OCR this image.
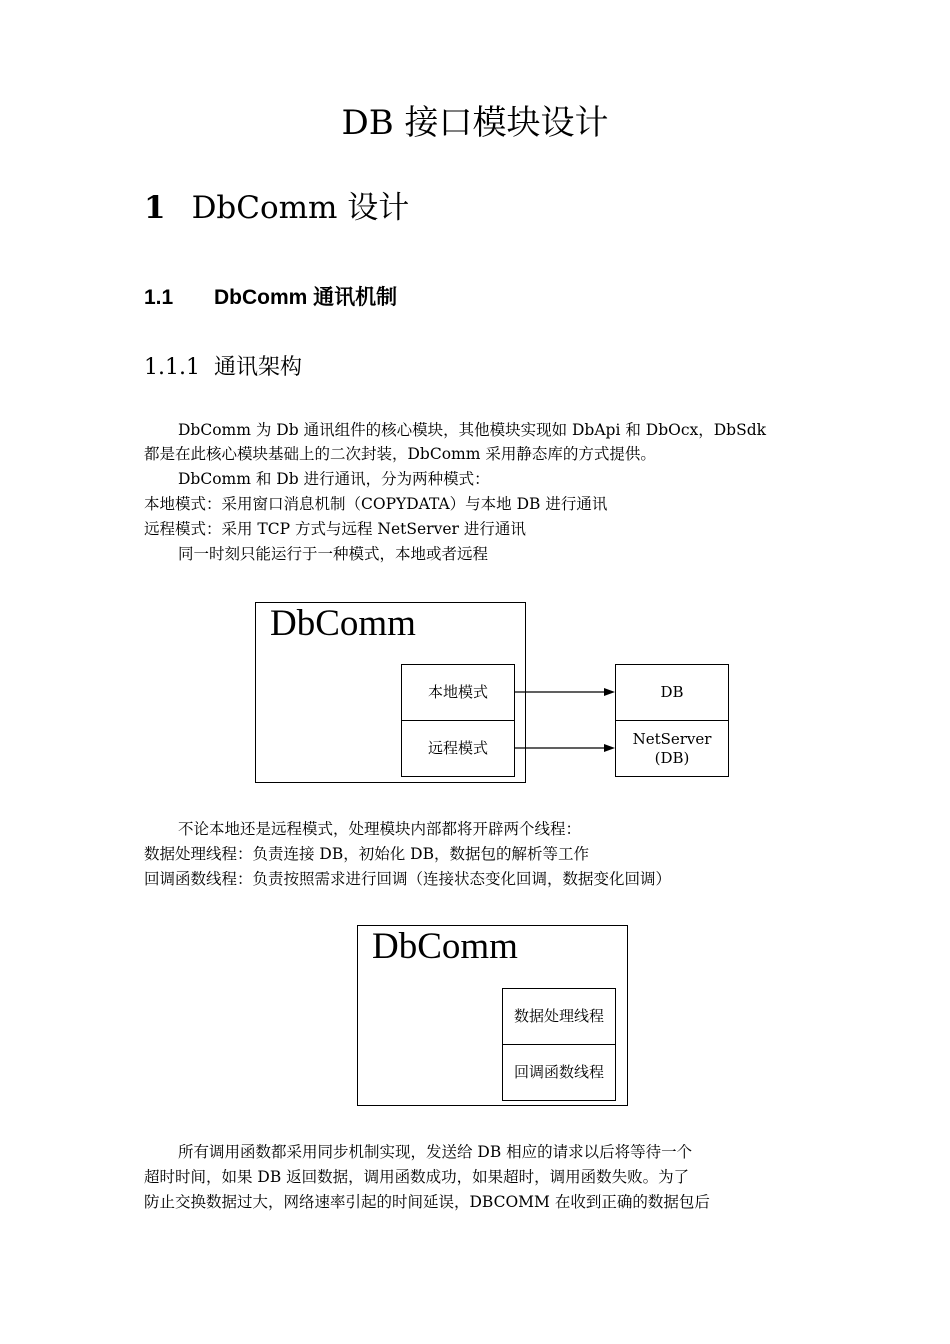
DB 接口模块设计
1 DbComm 设计
1.1 DbComm 通讯机制
1.1.1 通讯架构
DbComm 为 Db 通讯组件的核心模块，其他模块实现如 DbApi 和 DbOcx，DbSdk
都是在此核心模块基础上的二次封装，DbComm 采用静态库的方式提供。
DbComm 和 Db 进行通讯，分为两种模式：
本地模式：采用窗口消息机制（COPYDATA）与本地 DB 进行通讯
远程模式：采用 TCP 方式与远程 NetServer 进行通讯
同一时刻只能运行于一种模式，本地或者远程
DbComm
本地模式
远程模式
DB
NetServer
(DB)
不论本地还是远程模式，处理模块内部都将开辟两个线程：
数据处理线程：负责连接 DB，初始化 DB，数据包的解析等工作
回调函数线程：负责按照需求进行回调（连接状态变化回调，数据变化回调）
DbComm
数据处理线程
回调函数线程
所有调用函数都采用同步机制实现，发送给 DB 相应的请求以后将等待一个
超时时间，如果 DB 返回数据，调用函数成功，如果超时，调用函数失败。为了
防止交换数据过大，网络速率引起的时间延误，DBCOMM 在收到正确的数据包后
